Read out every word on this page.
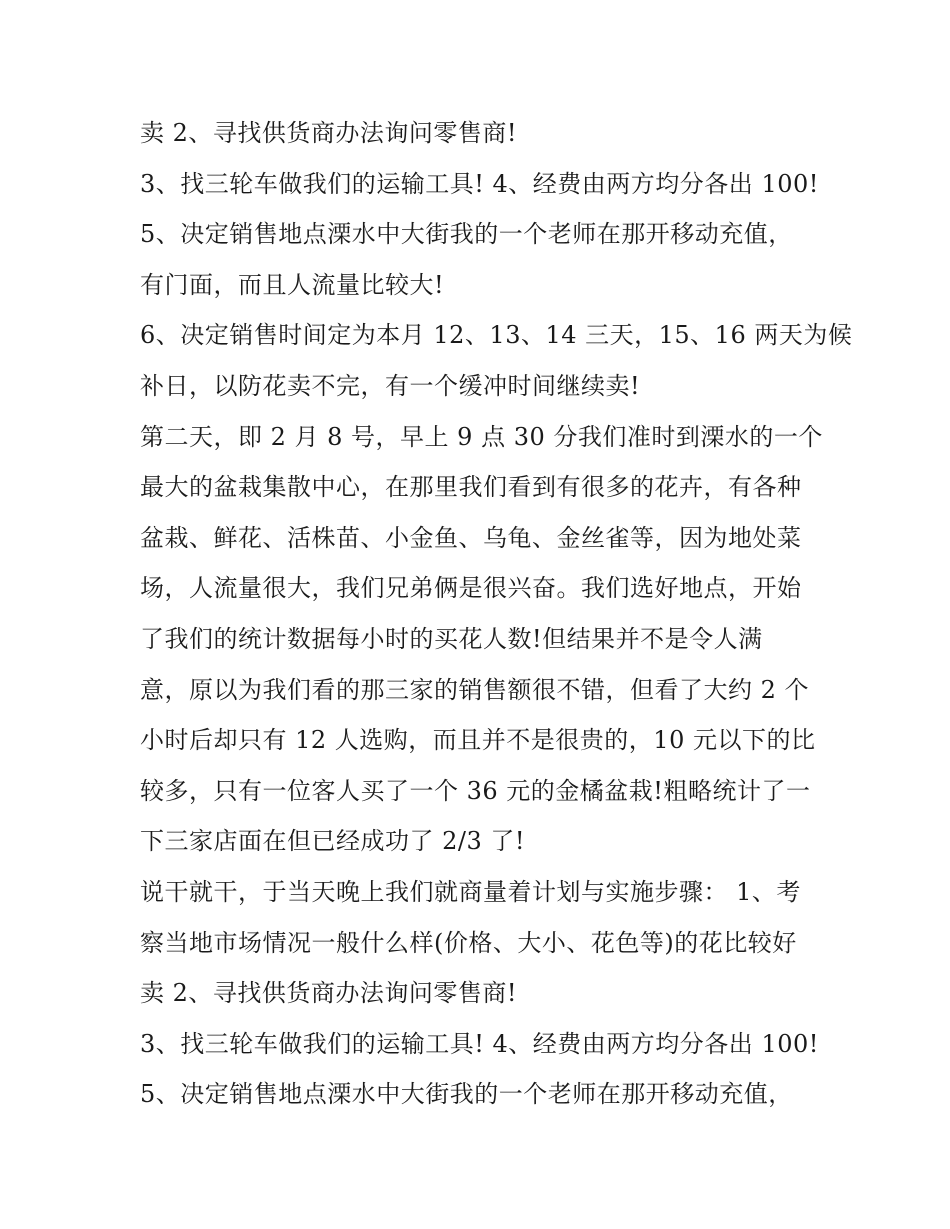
卖 2、寻找供货商办法询问零售商!
3、找三轮车做我们的运输工具! 4、经费由两方均分各出 100!
5、决定销售地点溧水中大街我的一个老师在那开移动充值，
有门面，而且人流量比较大!
6、决定销售时间定为本月 12、13、14 三天，15、16 两天为候
补日，以防花卖不完，有一个缓冲时间继续卖!
第二天，即 2 月 8 号，早上 9 点 30 分我们准时到溧水的一个
最大的盆栽集散中心，在那里我们看到有很多的花卉，有各种
盆栽、鲜花、活株苗、小金鱼、乌龟、金丝雀等，因为地处菜
场，人流量很大，我们兄弟俩是很兴奋。我们选好地点，开始
了我们的统计数据每小时的买花人数!但结果并不是令人满
意，原以为我们看的那三家的销售额很不错，但看了大约 2 个
小时后却只有 12 人选购，而且并不是很贵的，10 元以下的比
较多，只有一位客人买了一个 36 元的金橘盆栽!粗略统计了一
下三家店面在但已经成功了 2/3 了!
说干就干，于当天晚上我们就商量着计划与实施步骤： 1、考
察当地市场情况一般什么样(价格、大小、花色等)的花比较好
卖 2、寻找供货商办法询问零售商!
3、找三轮车做我们的运输工具! 4、经费由两方均分各出 100!
5、决定销售地点溧水中大街我的一个老师在那开移动充值，
